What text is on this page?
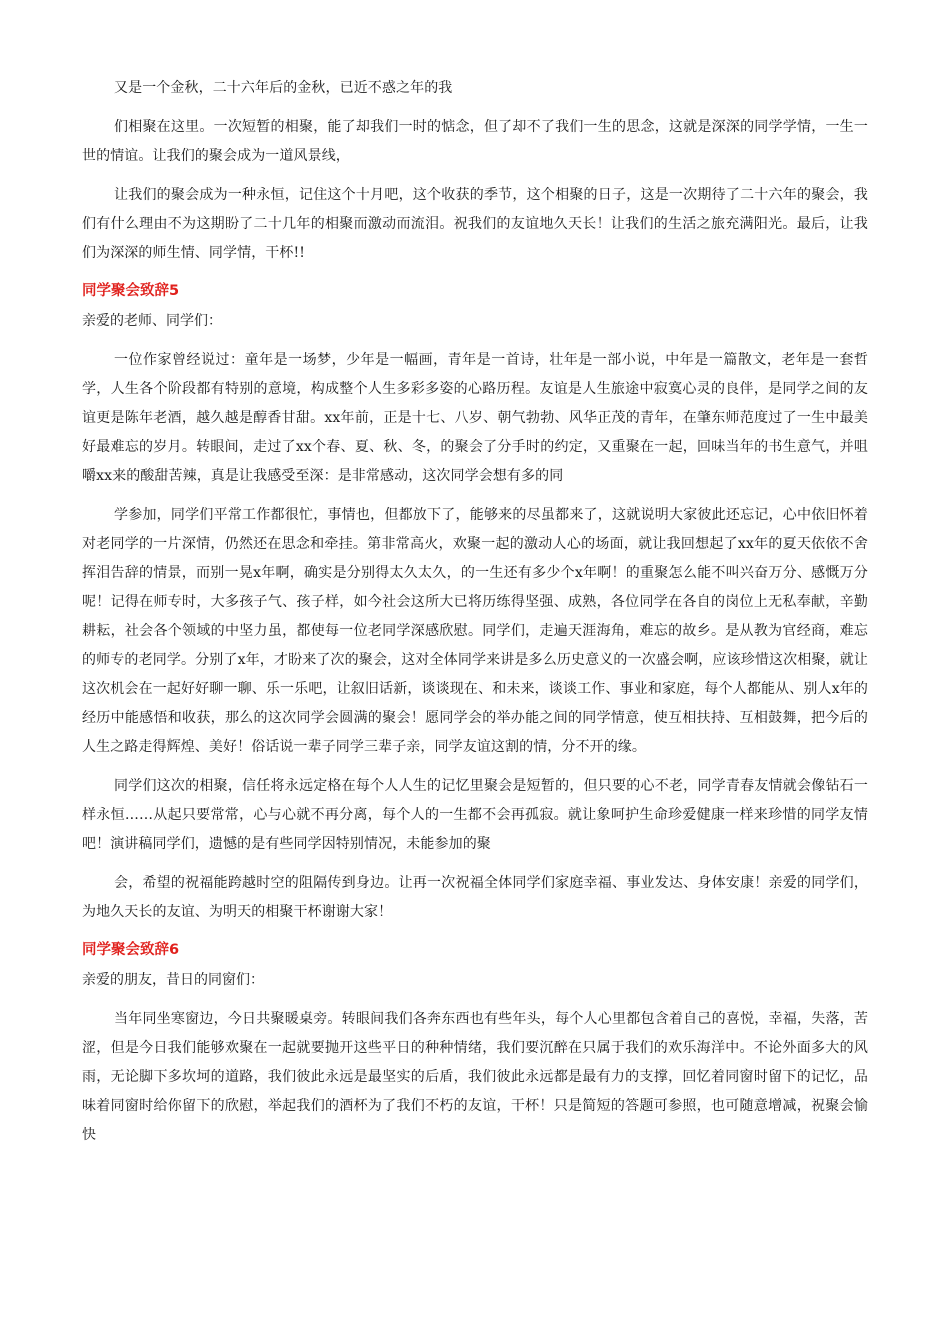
又是一个金秋，二十六年后的金秋，已近不惑之年的我

们相聚在这里。一次短暂的相聚，能了却我们一时的惦念，但了却不了我们一生的思念，这就是深深的同学学情，一生一世的情谊。让我们的聚会成为一道风景线，

让我们的聚会成为一种永恒，记住这个十月吧，这个收获的季节，这个相聚的日子，这是一次期待了二十六年的聚会，我们有什么理由不为这期盼了二十几年的相聚而激动而流泪。祝我们的友谊地久天长！让我们的生活之旅充满阳光。最后，让我们为深深的师生情、同学情，干杯!!

同学聚会致辞5
亲爱的老师、同学们：

一位作家曾经说过：童年是一场梦，少年是一幅画，青年是一首诗，壮年是一部小说，中年是一篇散文，老年是一套哲学，人生各个阶段都有特别的意境，构成整个人生多彩多姿的心路历程。友谊是人生旅途中寂寞心灵的良伴，是同学之间的友谊更是陈年老酒，越久越是醇香甘甜。xx年前，正是十七、八岁、朝气勃勃、风华正茂的青年，在肇东师范度过了一生中最美好最难忘的岁月。转眼间，走过了xx个春、夏、秋、冬，的聚会了分手时的约定，又重聚在一起，回味当年的书生意气，并咀嚼xx来的酸甜苦辣，真是让我感受至深：是非常感动，这次同学会想有多的同

学参加，同学们平常工作都很忙，事情也，但都放下了，能够来的尽虽都来了，这就说明大家彼此还忘记，心中依旧怀着对老同学的一片深情，仍然还在思念和牵挂。第非常高火，欢聚一起的激动人心的场面，就让我回想起了xx年的夏天依依不舍挥泪告辞的情景，而别一晃x年啊，确实是分别得太久太久，的一生还有多少个x年啊！的重聚怎么能不叫兴奋万分、感慨万分呢！记得在师专时，大多孩子气、孩子样，如今社会这所大已将历练得坚强、成熟，各位同学在各自的岗位上无私奉献，辛勤耕耘，社会各个领域的中坚力虽，都使每一位老同学深感欣慰。同学们，走遍天涯海角，难忘的故乡。是从教为官经商，难忘的师专的老同学。分别了x年，才盼来了次的聚会，这对全体同学来讲是多么历史意义的一次盛会啊，应该珍惜这次相聚，就让这次机会在一起好好聊一聊、乐一乐吧，让叙旧话新，谈谈现在、和未来，谈谈工作、事业和家庭，每个人都能从、别人x年的经历中能感悟和收获，那么的这次同学会圆满的聚会！愿同学会的举办能之间的同学情意，使互相扶持、互相鼓舞，把今后的人生之路走得辉煌、美好！俗话说一辈子同学三辈子亲，同学友谊这割的情，分不开的缘。

同学们这次的相聚，信任将永远定格在每个人人生的记忆里聚会是短暂的，但只要的心不老，同学青春友情就会像钻石一样永恒……从起只要常常，心与心就不再分离，每个人的一生都不会再孤寂。就让象呵护生命珍爱健康一样来珍惜的同学友情吧！演讲稿同学们，遗憾的是有些同学因特别情况，未能参加的聚

会，希望的祝福能跨越时空的阻隔传到身边。让再一次祝福全体同学们家庭幸福、事业发达、身体安康！亲爱的同学们，为地久天长的友谊、为明天的相聚干杯谢谢大家！

同学聚会致辞6
亲爱的朋友，昔日的同窗们：

当年同坐寒窗边，今日共聚暖桌旁。转眼间我们各奔东西也有些年头，每个人心里都包含着自己的喜悦，幸福，失落，苦涩，但是今日我们能够欢聚在一起就要抛开这些平日的种种情绪，我们要沉醉在只属于我们的欢乐海洋中。不论外面多大的风雨，无论脚下多坎坷的道路，我们彼此永远是最坚实的后盾，我们彼此永远都是最有力的支撑，回忆着同窗时留下的记忆，品味着同窗时给你留下的欣慰，举起我们的酒杯为了我们不朽的友谊，干杯！只是简短的答题可参照，也可随意增减，祝聚会愉快
